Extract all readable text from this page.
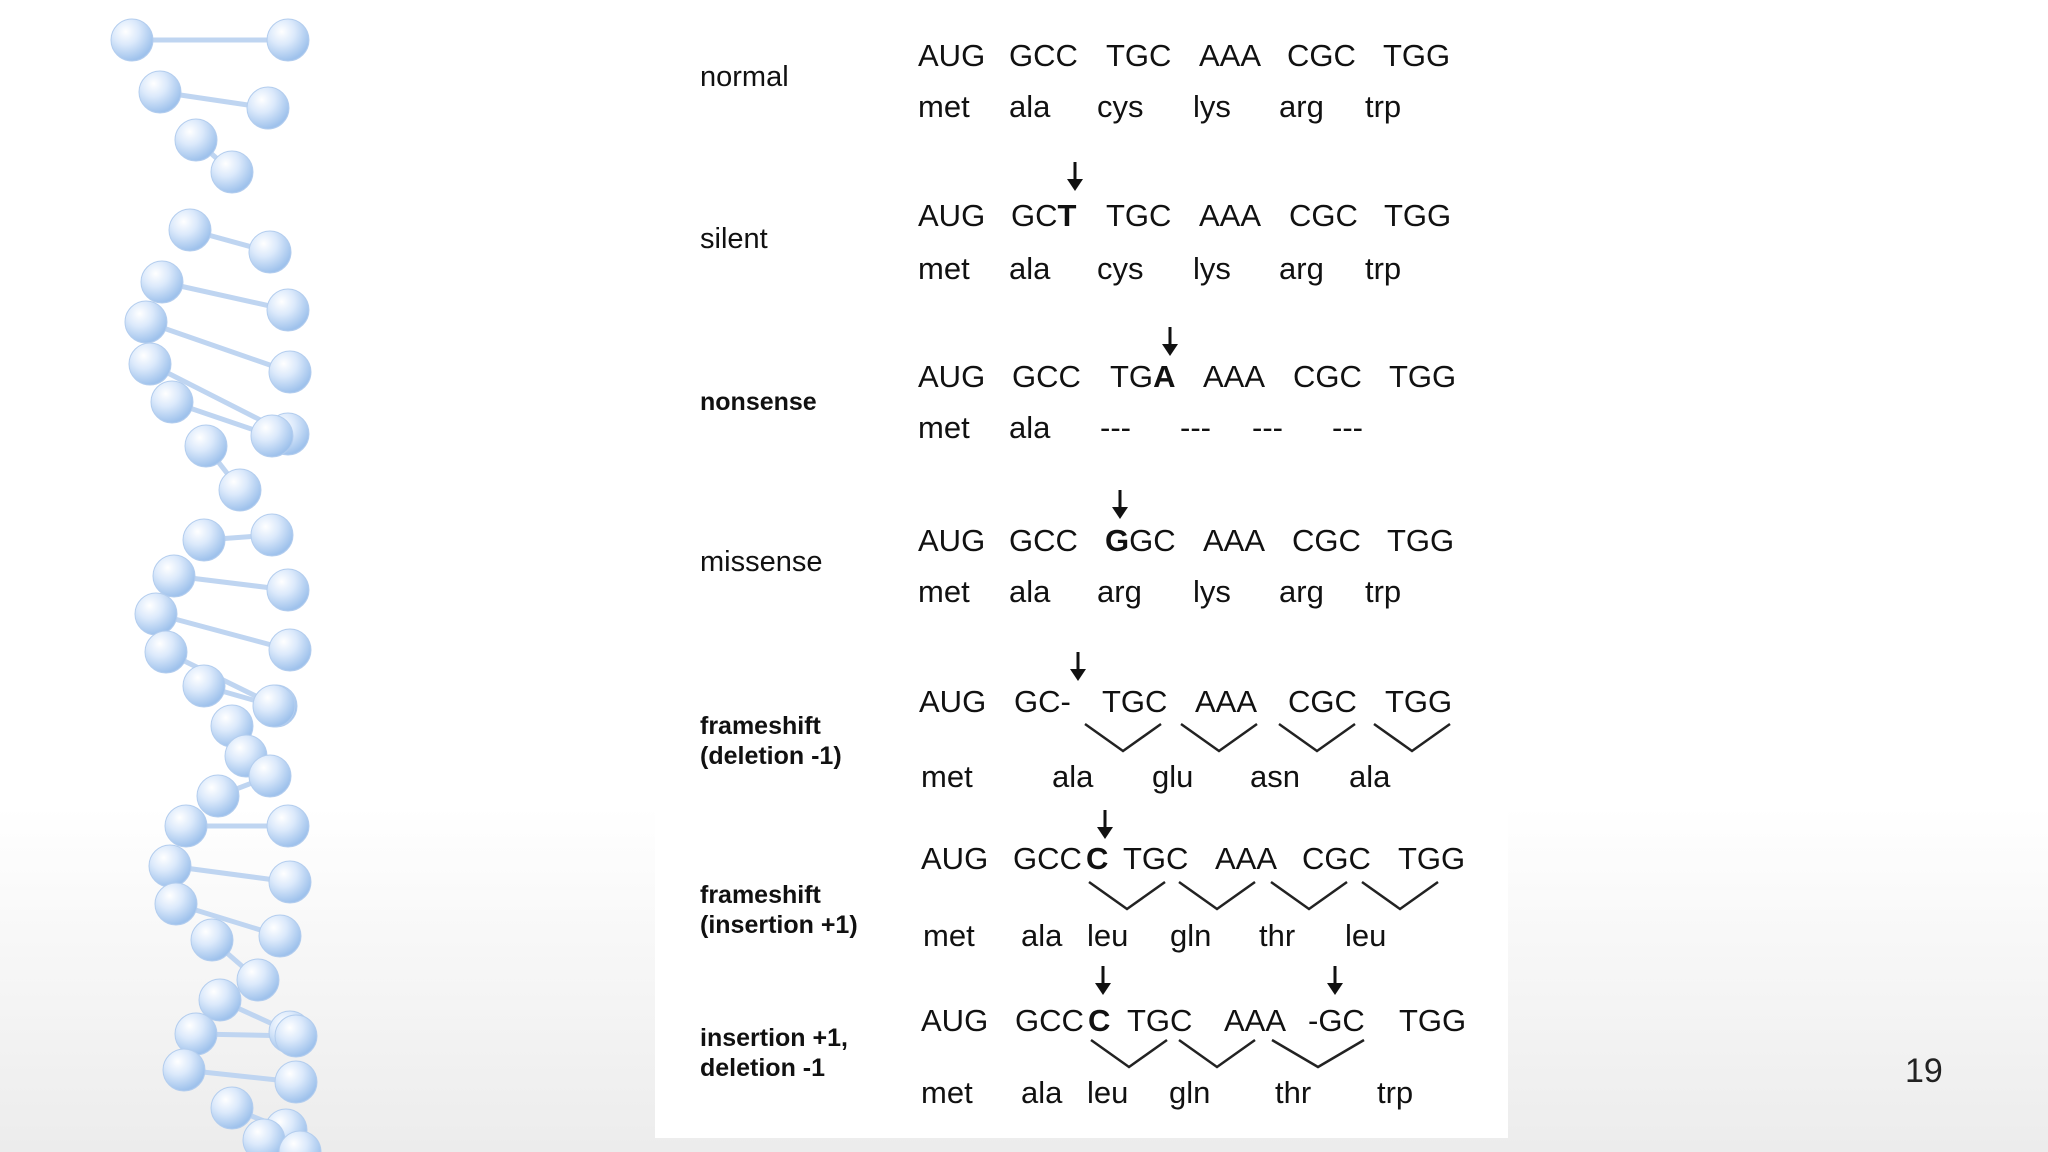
normal
silent
nonsense
missense
frameshift (deletion -1)
frameshift (insertion +1)
insertion +1, deletion -1
AUG GCC TGC AAA CGC TGG
met ala cys lys arg trp
AUG GCT TGC AAA CGC TGG
met ala cys lys arg trp
AUG GCC TGA AAA CGC TGG
met ala --- --- --- ---
AUG GCC GGC AAA CGC TGG
met ala arg lys arg trp
AUG GC- TGC AAA CGC TGG
met	ala glu asn ala
AUG GCC C TGC AAA CGC TGG
met ala leu gln thr leu
AUG GCC C TGC AAA -GC TGG
met ala leu gln thr trp
19
